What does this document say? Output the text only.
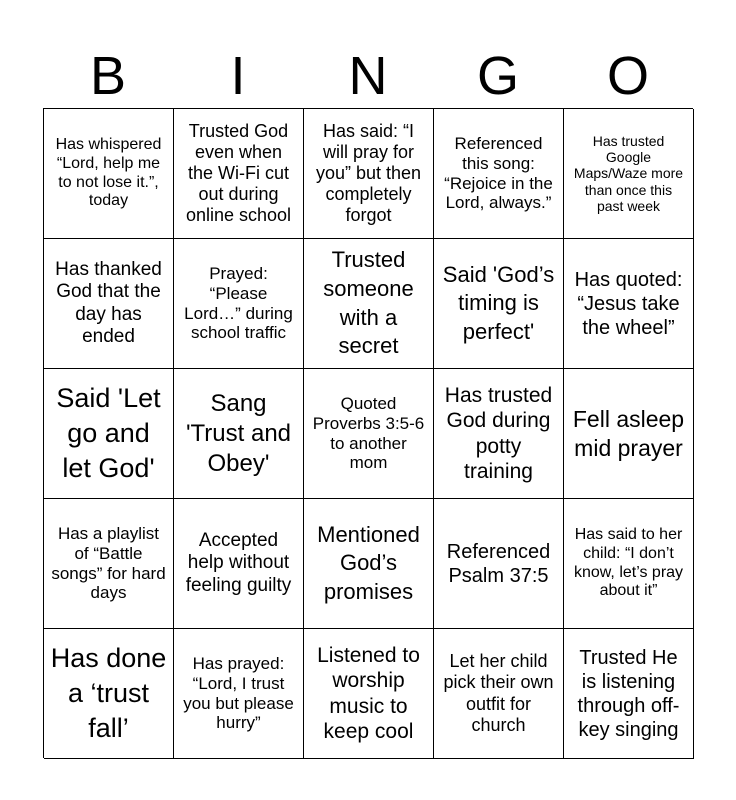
B	I	N	G	O
Has whispered “Lord, help me to not lose it.”, today
Trusted God even when the Wi-Fi cut out during online school
Has said: “I will pray for you” but then completely forgot
Referenced this song: “Rejoice in the Lord, always.”
Has trusted Google Maps/Waze more than once this past week
Has thanked God that the day has ended
Prayed: “Please Lord…” during school traffic
Trusted someone with a secret
Said 'God’s timing is perfect'
Has quoted: “Jesus take the wheel”
Said 'Let go and let God'
Sang 'Trust and Obey'
Quoted Proverbs 3:5-6 to another mom
Has trusted God during potty training
Fell asleep mid prayer
Has a playlist of “Battle songs” for hard days
Accepted help without feeling guilty
Mentioned God’s promises
Referenced Psalm 37:5
Has said to her child: “I don’t know, let’s pray about it”
Has done a ‘trust fall’
Has prayed: “Lord, I trust you but please hurry”
Listened to worship music to keep cool
Let her child pick their own outfit for church
Trusted He is listening through off-key singing
